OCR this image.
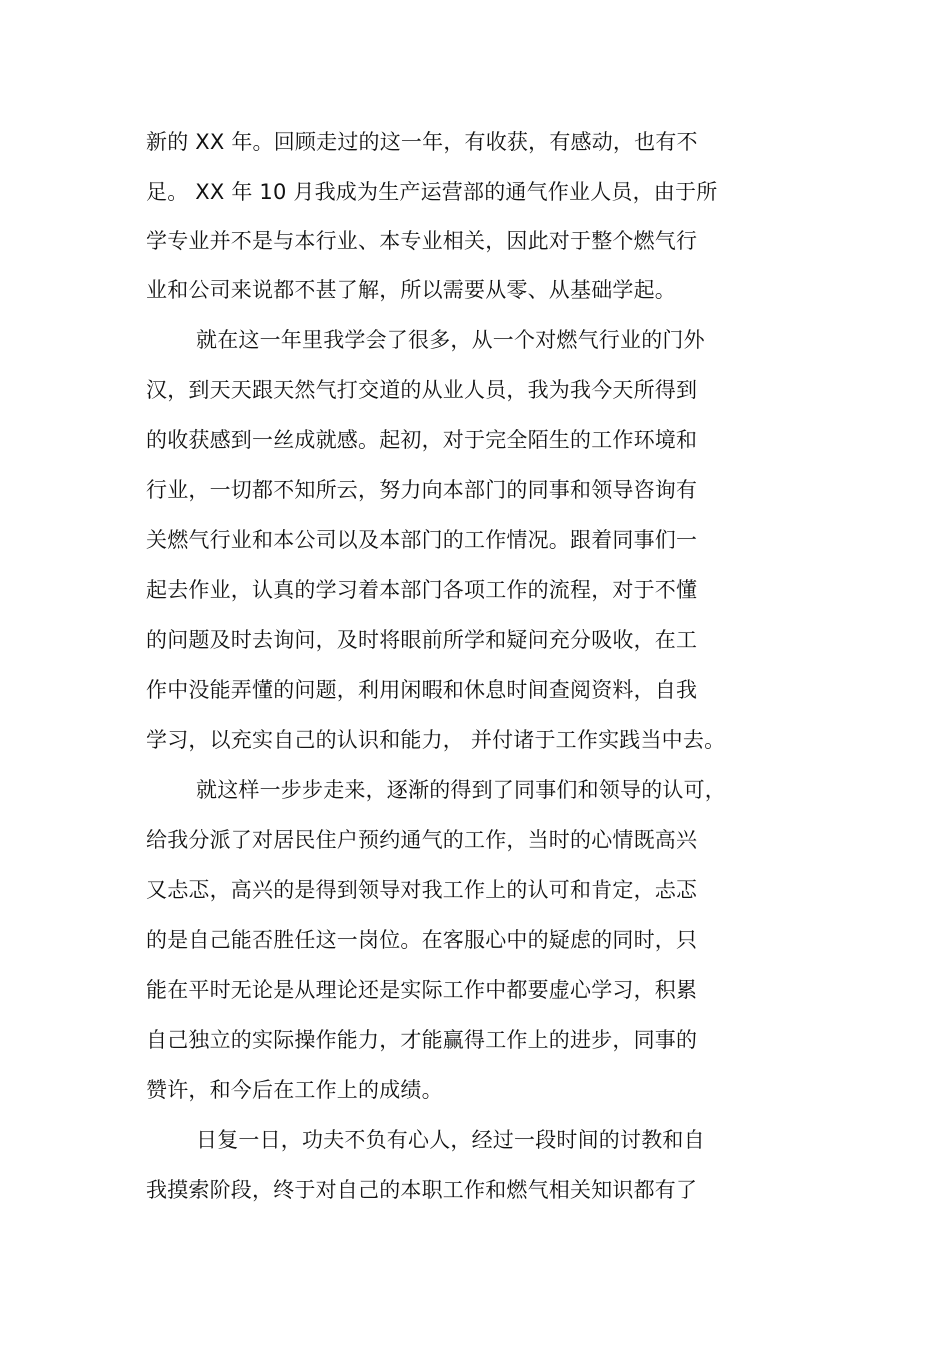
新的 XX 年。回顾走过的这一年，有收获，有感动，也有不
足。 XX 年 10 月我成为生产运营部的通气作业人员，由于所
学专业并不是与本行业、本专业相关，因此对于整个燃气行
业和公司来说都不甚了解，所以需要从零、从基础学起。
就在这一年里我学会了很多，从一个对燃气行业的门外
汉，到天天跟天然气打交道的从业人员，我为我今天所得到
的收获感到一丝成就感。起初，对于完全陌生的工作环境和
行业，一切都不知所云，努力向本部门的同事和领导咨询有
关燃气行业和本公司以及本部门的工作情况。跟着同事们一
起去作业，认真的学习着本部门各项工作的流程，对于不懂
的问题及时去询问，及时将眼前所学和疑问充分吸收，在工
作中没能弄懂的问题，利用闲暇和休息时间查阅资料，自我
学习，以充实自己的认识和能力， 并付诸于工作实践当中去。
就这样一步步走来，逐渐的得到了同事们和领导的认可，
给我分派了对居民住户预约通气的工作，当时的心情既高兴
又忐忑，高兴的是得到领导对我工作上的认可和肯定，忐忑
的是自己能否胜任这一岗位。在客服心中的疑虑的同时，只
能在平时无论是从理论还是实际工作中都要虚心学习，积累
自己独立的实际操作能力，才能赢得工作上的进步，同事的
赞许，和今后在工作上的成绩。
日复一日，功夫不负有心人，经过一段时间的讨教和自
我摸索阶段，终于对自己的本职工作和燃气相关知识都有了
